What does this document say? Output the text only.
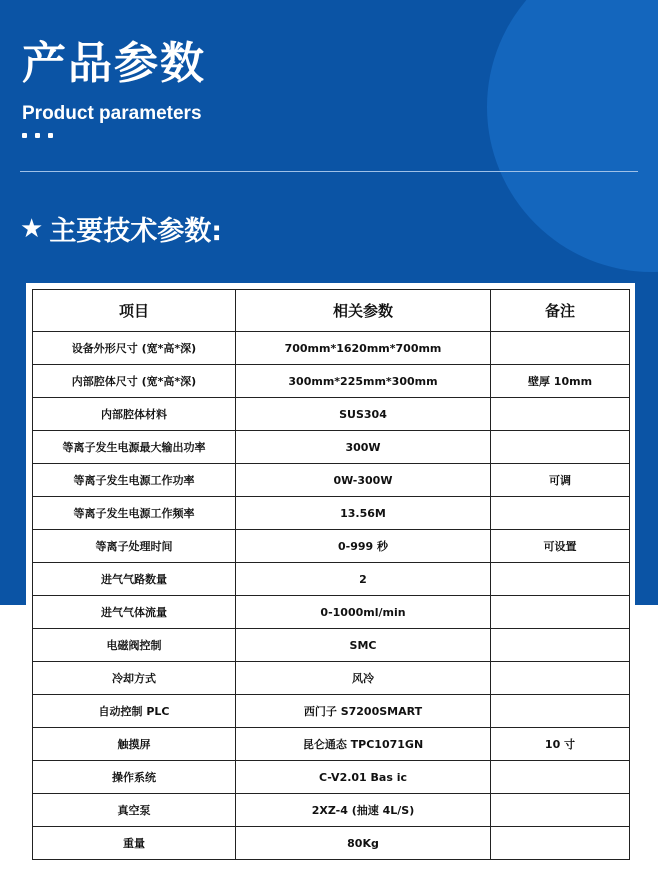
产品参数
Product parameters
★ 主要技术参数:
项目	相关参数	备注
设备外形尺寸 (宽*高*深)	700mm*1620mm*700mm	
内部腔体尺寸 (宽*高*深)	300mm*225mm*300mm	壁厚 10mm
内部腔体材料	SUS304	
等离子发生电源最大输出功率	300W	
等离子发生电源工作功率	0W-300W	可调
等离子发生电源工作频率	13.56M	
等离子处理时间	0-999 秒	可设置
进气气路数量	2	
进气气体流量	0-1000ml/min	
电磁阀控制	SMC	
冷却方式	风冷	
自动控制 PLC	西门子 S7200SMART	
触摸屏	昆仑通态 TPC1071GN	10 寸
操作系统	C-V2.01 Bas ic	
真空泵	2XZ-4 (抽速 4L/S)	
重量	80Kg	
